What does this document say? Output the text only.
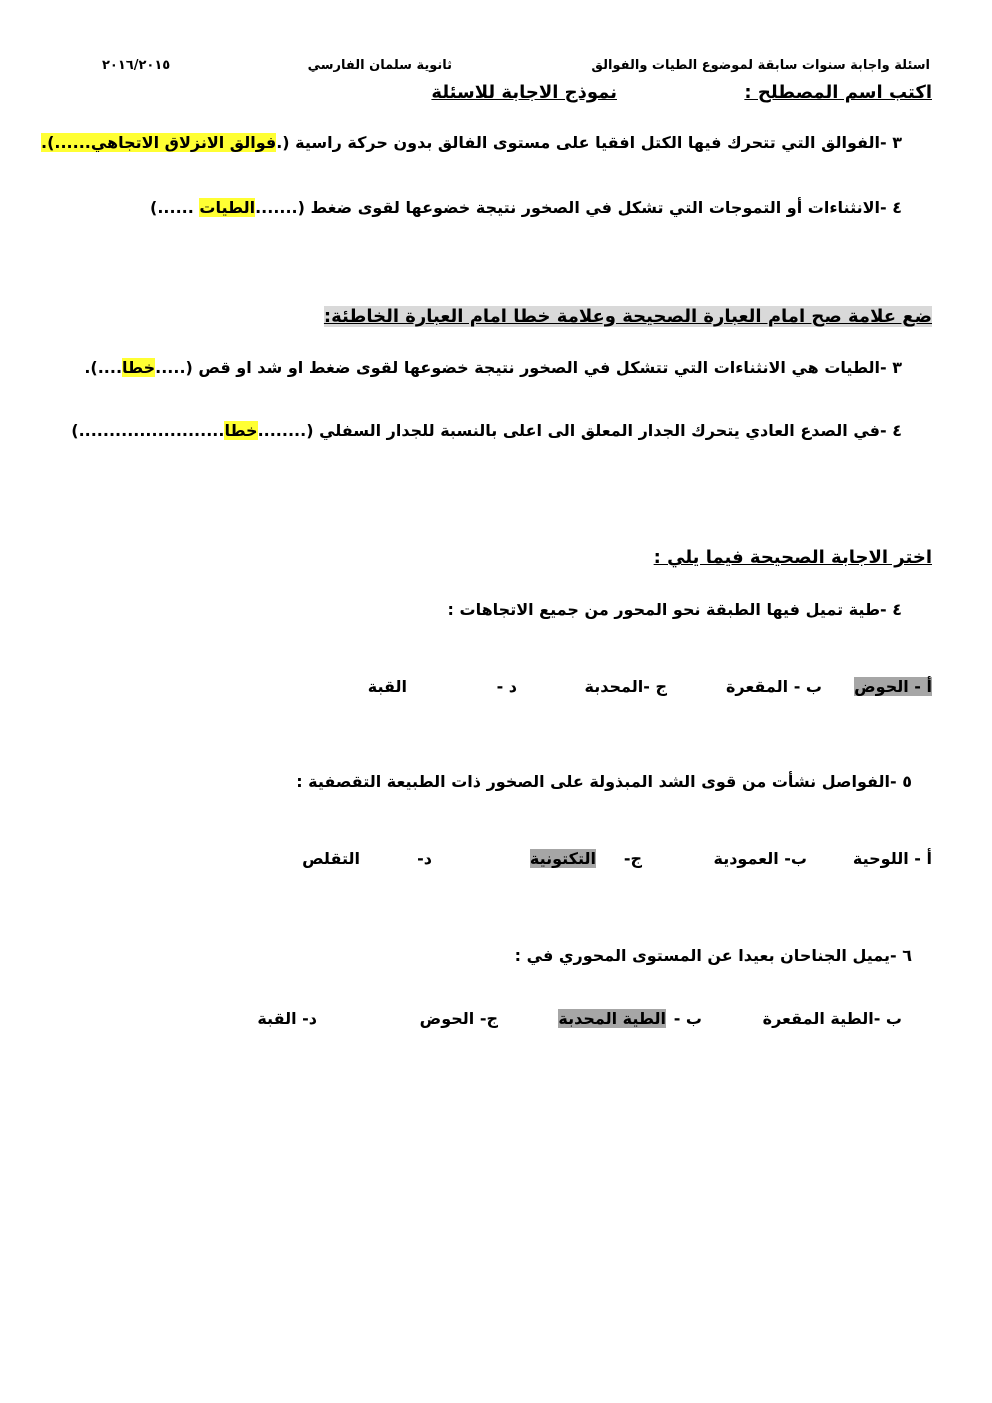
اسئلة واجابة سنوات سابقة لموضوع الطيات والفوالق
ثانوية سلمان الفارسي
٢٠١٦/٢٠١٥
اكتب اسم المصطلح :
نموذج الاجابة للاسئلة
٣ -الفوالق التي تتحرك فيها الكتل افقيا على مستوى الفالق بدون حركة راسية (.فوالق الانزلاق الاتجاهي......).
٤ -الانثناءات أو التموجات التي تشكل في الصخور نتيجة خضوعها لقوى ضغط (.......الطيات ......)
ضع علامة صح امام العبارة الصحيحة وعلامة خطا امام العبارة الخاطئة:
٣ -الطيات هي الانثناءات التي تتشكل في الصخور نتيجة خضوعها لقوى ضغط او شد او قص (.....خطا....).
٤ -في الصدع العادي يتحرك الجدار المعلق الى اعلى بالنسبة للجدار السفلي (........خطا........................)
اختر الاجابة الصحيحة فيما يلي :
٤ -طية تميل فيها الطبقة نحو المحور من جميع الاتجاهات :
أ - الحوض
ب - المقعرة
ج -المحدبة
د -
القبة
٥ -الفواصل نشأت من قوى الشد المبذولة على الصخور ذات الطبيعة التقصفية :
أ - اللوحية
ب- العمودية
ج-
التكتونية
د-
التقلص
٦ -يميل الجناحان بعيدا عن المستوى المحوري في :
ب -الطية المقعرة
ب -
الطية المحدبة
ج- الحوض
د- القبة
